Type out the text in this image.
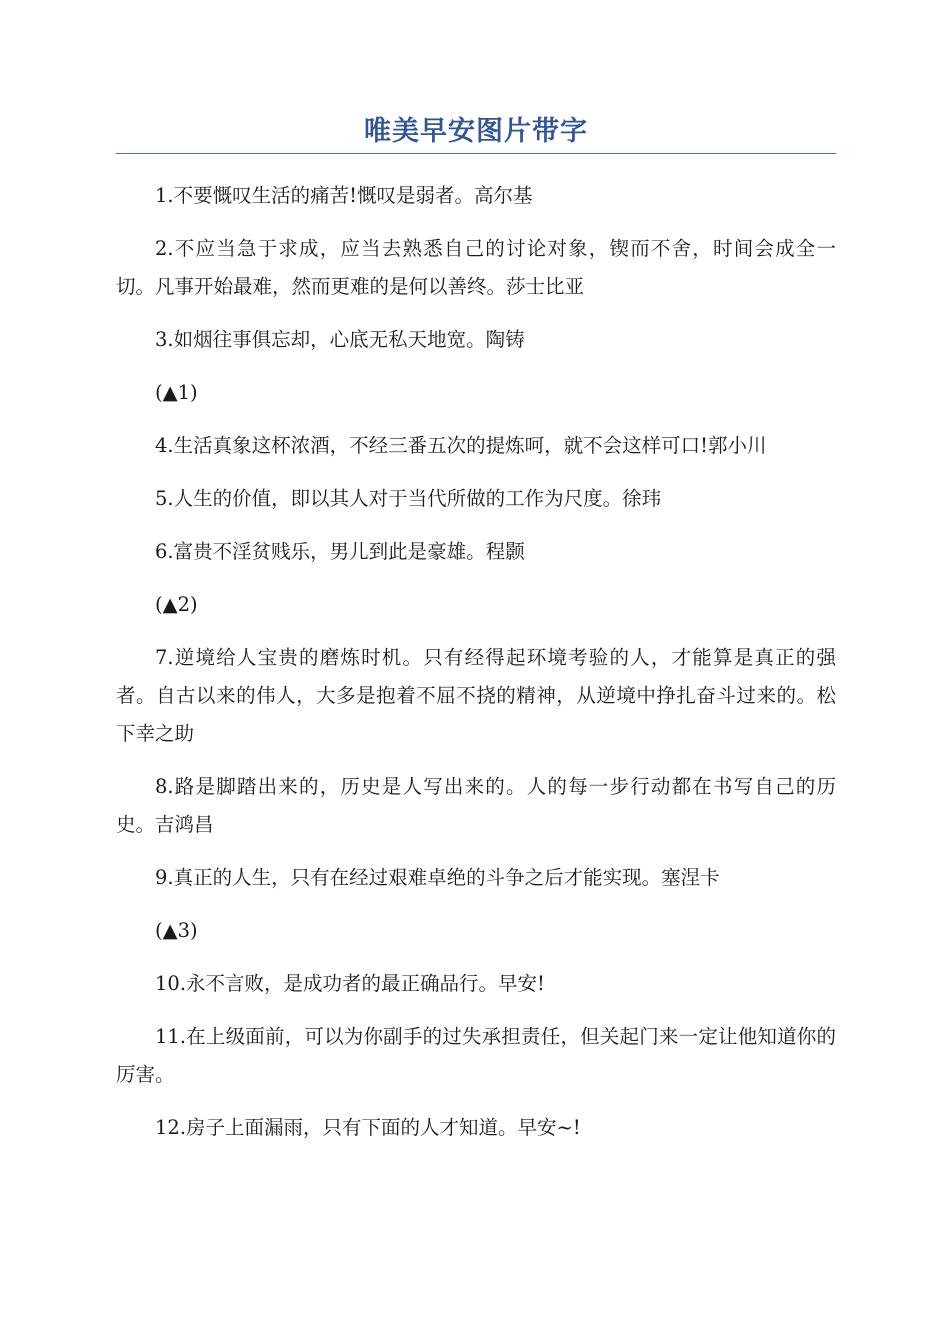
唯美早安图片带字

1.不要慨叹生活的痛苦!慨叹是弱者。高尔基

2.不应当急于求成，应当去熟悉自己的讨论对象，锲而不舍，时间会成全一切。凡事开始最难，然而更难的是何以善终。莎士比亚

3.如烟往事俱忘却，心底无私天地宽。陶铸

(▲1)

4.生活真象这杯浓酒，不经三番五次的提炼呵，就不会这样可口!郭小川

5.人生的价值，即以其人对于当代所做的工作为尺度。徐玮

6.富贵不淫贫贱乐，男儿到此是豪雄。程颢

(▲2)

7.逆境给人宝贵的磨炼时机。只有经得起环境考验的人，才能算是真正的强者。自古以来的伟人，大多是抱着不屈不挠的精神，从逆境中挣扎奋斗过来的。松下幸之助

8.路是脚踏出来的，历史是人写出来的。人的每一步行动都在书写自己的历史。吉鸿昌

9.真正的人生，只有在经过艰难卓绝的斗争之后才能实现。塞涅卡

(▲3)

10.永不言败，是成功者的最正确品行。早安!

11.在上级面前，可以为你副手的过失承担责任，但关起门来一定让他知道你的厉害。

12.房子上面漏雨，只有下面的人才知道。早安~!
